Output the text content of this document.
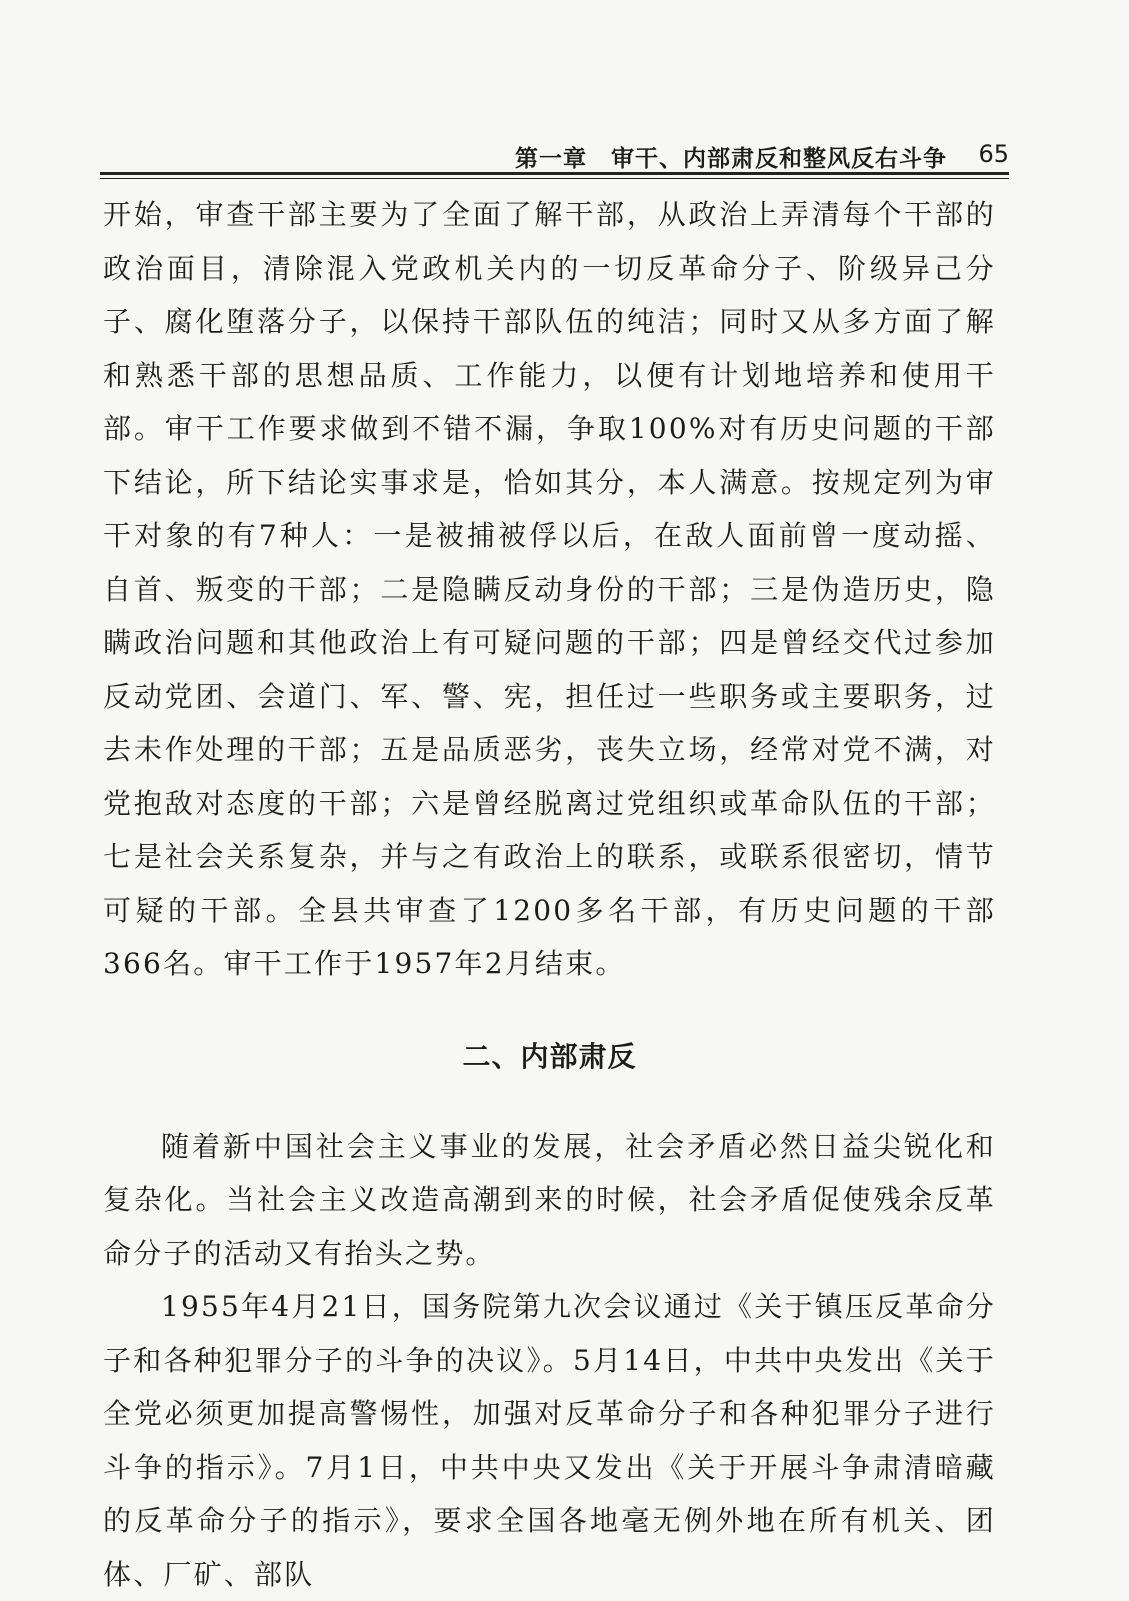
第一章　审干、内部肃反和整风反右斗争 65

开始，审查干部主要为了全面了解干部，从政治上弄清每个干部的政治面目，清除混入党政机关内的一切反革命分子、阶级异己分子、腐化堕落分子，以保持干部队伍的纯洁；同时又从多方面了解和熟悉干部的思想品质、工作能力，以便有计划地培养和使用干部。审干工作要求做到不错不漏，争取100%对有历史问题的干部下结论，所下结论实事求是，恰如其分，本人满意。按规定列为审干对象的有7种人：一是被捕被俘以后，在敌人面前曾一度动摇、自首、叛变的干部；二是隐瞒反动身份的干部；三是伪造历史，隐瞒政治问题和其他政治上有可疑问题的干部；四是曾经交代过参加反动党团、会道门、军、警、宪，担任过一些职务或主要职务，过去未作处理的干部；五是品质恶劣，丧失立场，经常对党不满，对党抱敌对态度的干部；六是曾经脱离过党组织或革命队伍的干部；七是社会关系复杂，并与之有政治上的联系，或联系很密切，情节可疑的干部。全县共审查了1200多名干部，有历史问题的干部366名。审干工作于1957年2月结束。

二、内部肃反

随着新中国社会主义事业的发展，社会矛盾必然日益尖锐化和复杂化。当社会主义改造高潮到来的时候，社会矛盾促使残余反革命分子的活动又有抬头之势。

1955年4月21日，国务院第九次会议通过《关于镇压反革命分子和各种犯罪分子的斗争的决议》。5月14日，中共中央发出《关于全党必须更加提高警惕性，加强对反革命分子和各种犯罪分子进行斗争的指示》。7月1日，中共中央又发出《关于开展斗争肃清暗藏的反革命分子的指示》，要求全国各地毫无例外地在所有机关、团体、厂矿、部队
